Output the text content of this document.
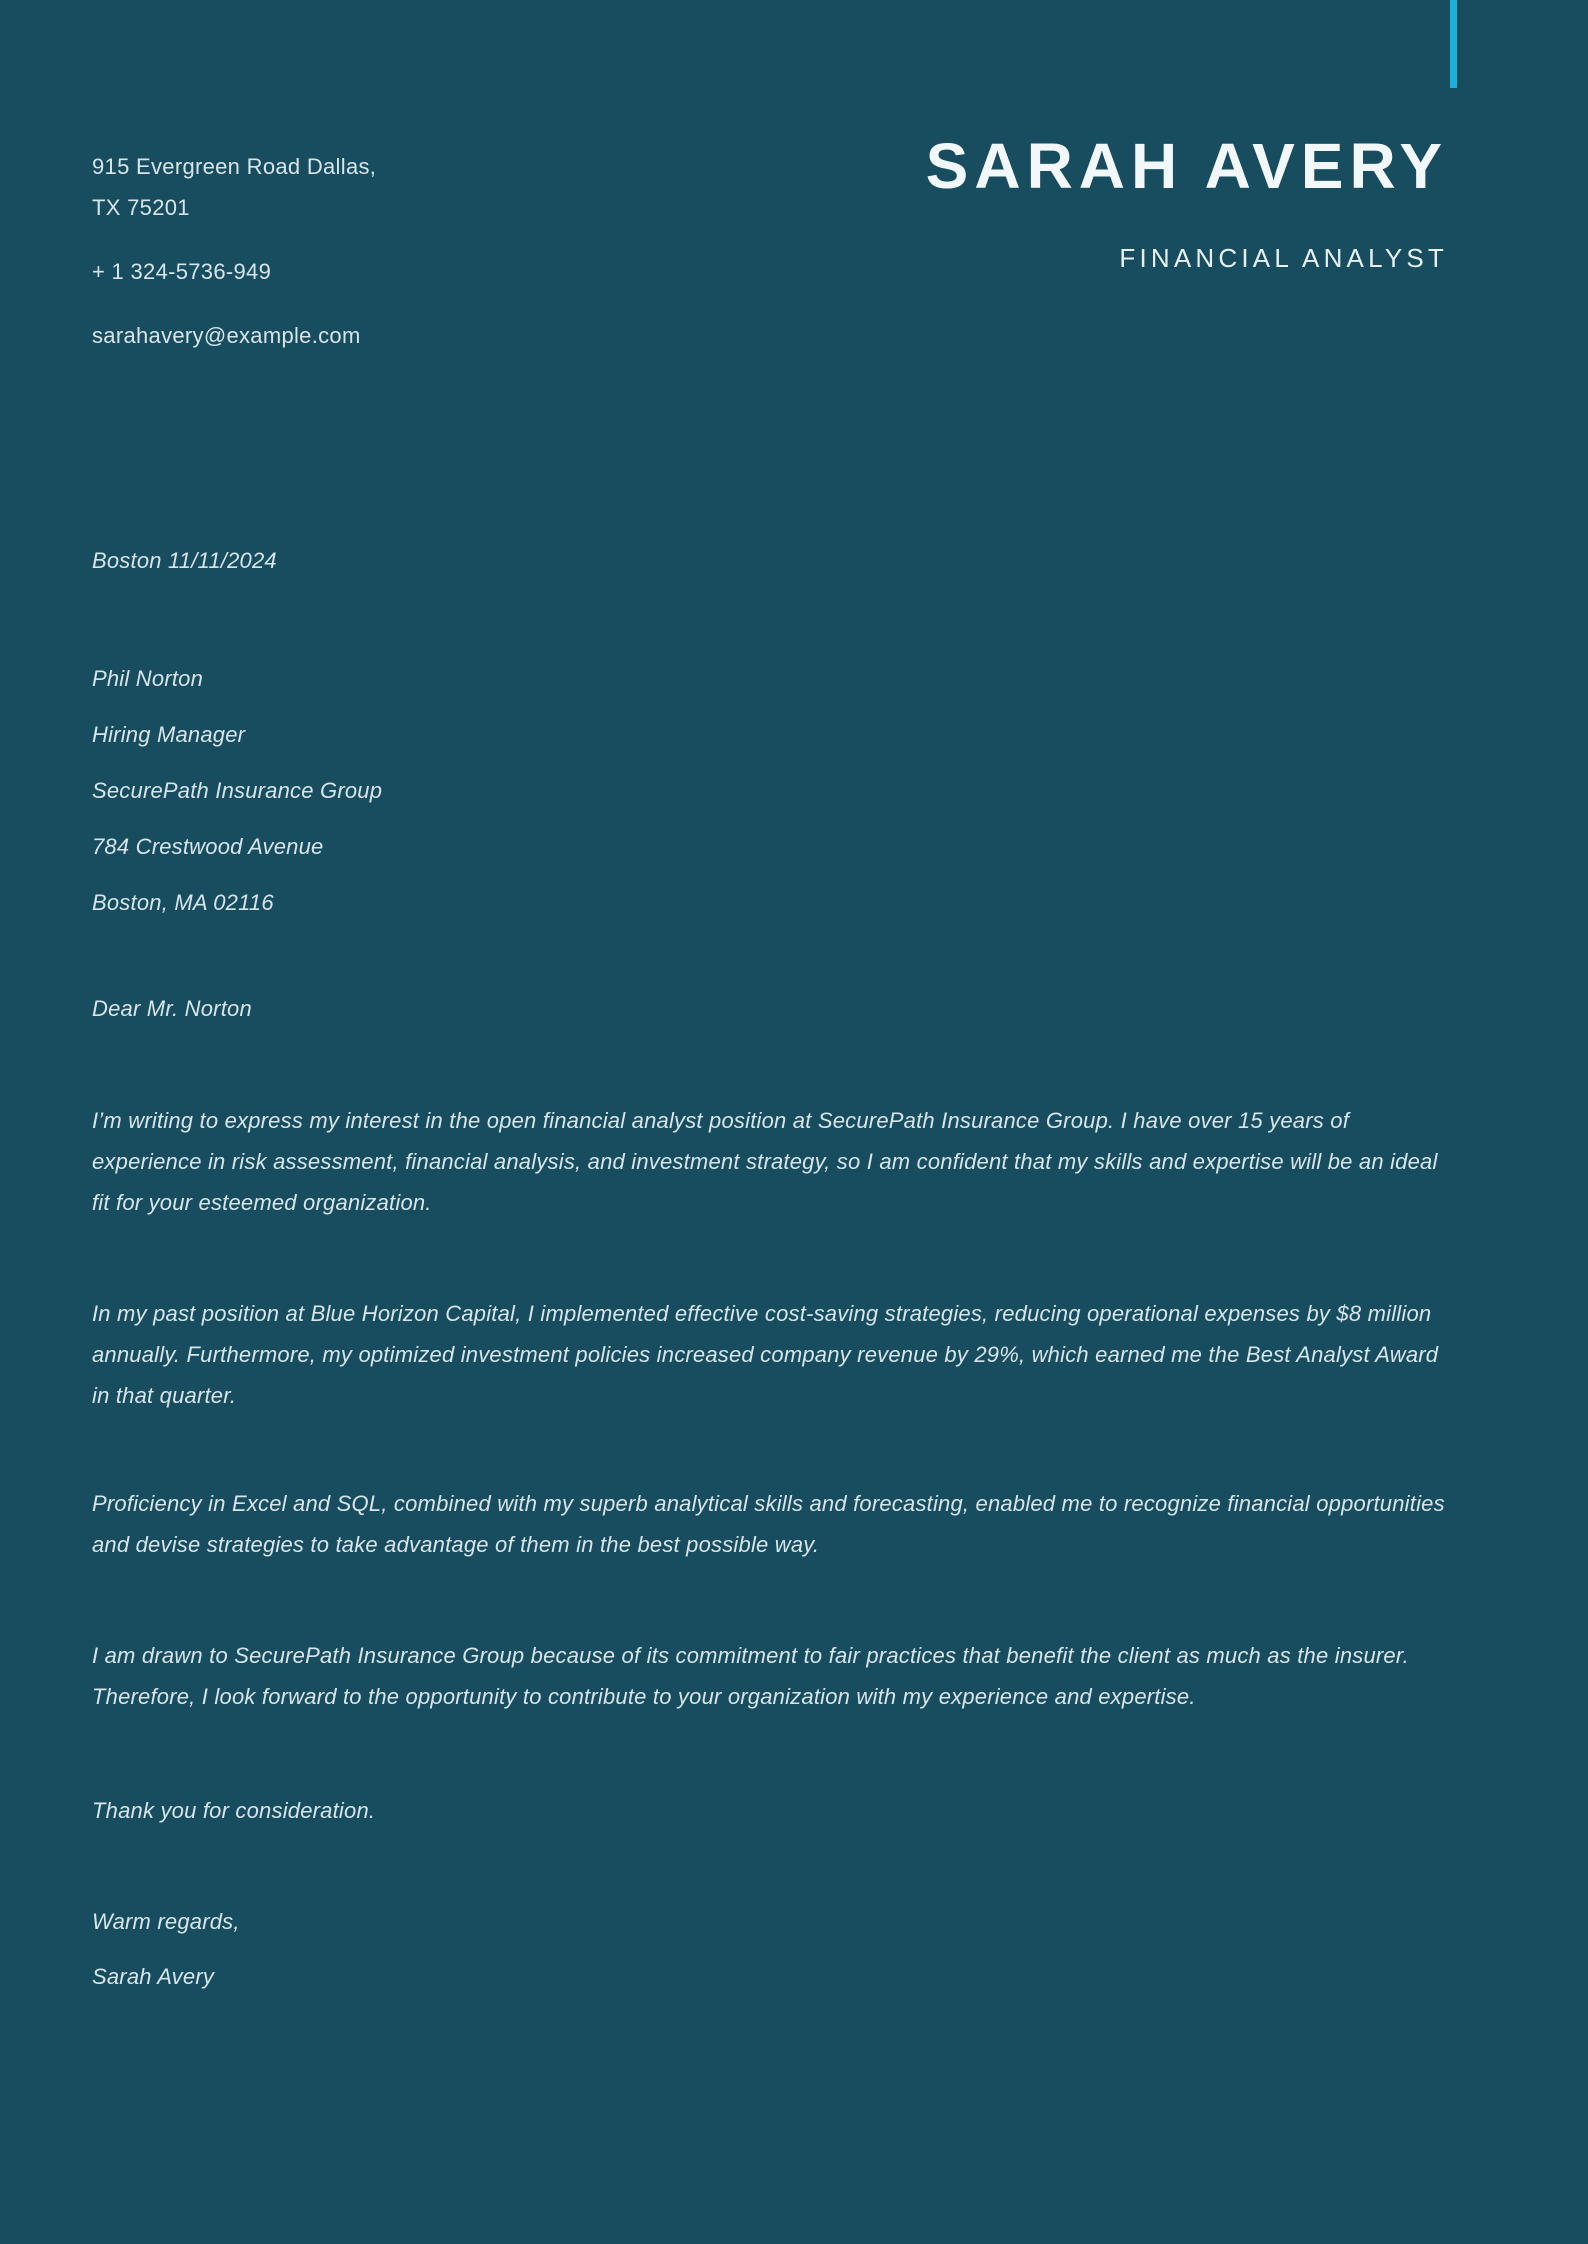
915 Evergreen Road Dallas,
TX 75201
+ 1 324-5736-949
sarahavery@example.com
SARAH AVERY
FINANCIAL ANALYST
Boston 11/11/2024
Phil Norton
Hiring Manager
SecurePath Insurance Group
784 Crestwood Avenue
Boston, MA 02116
Dear Mr. Norton

I’m writing to express my interest in the open financial analyst position at SecurePath Insurance Group. I have over 15 years of experience in risk assessment, financial analysis, and investment strategy, so I am confident that my skills and expertise will be an ideal fit for your esteemed organization.

In my past position at Blue Horizon Capital, I implemented effective cost-saving strategies, reducing operational expenses by $8 million annually. Furthermore, my optimized investment policies increased company revenue by 29%, which earned me the Best Analyst Award in that quarter.

Proficiency in Excel and SQL, combined with my superb analytical skills and forecasting, enabled me to recognize financial opportunities and devise strategies to take advantage of them in the best possible way.

I am drawn to SecurePath Insurance Group because of its commitment to fair practices that benefit the client as much as the insurer. Therefore, I look forward to the opportunity to contribute to your organization with my experience and expertise.

Thank you for consideration.
Warm regards,
Sarah Avery
